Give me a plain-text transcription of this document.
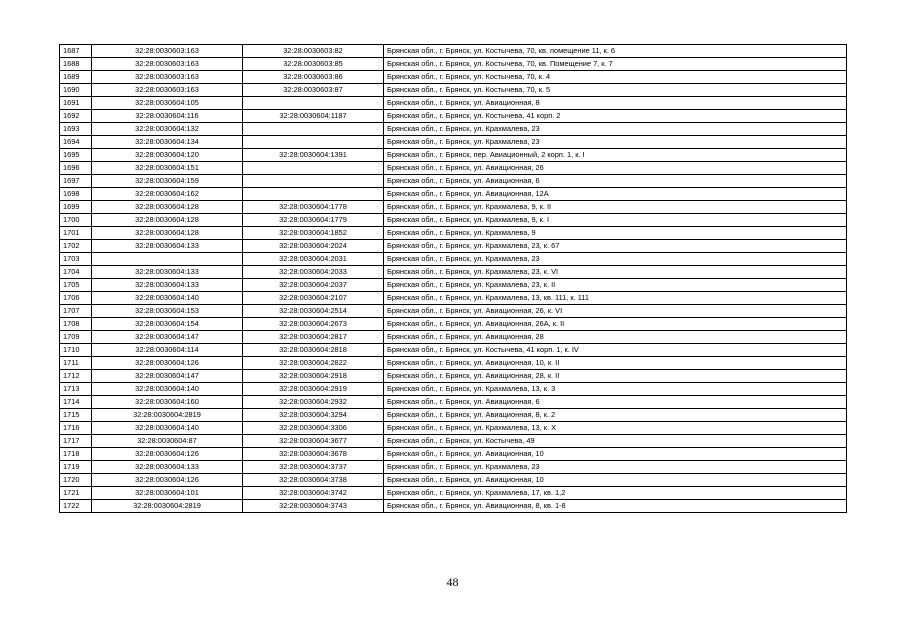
1687	32:28:0030603:163	32:28:0030603:82	Брянская обл., г. Брянск, ул. Костычева, 70, кв. помещение 11, к. 6
1688	32:28:0030603:163	32:28:0030603:85	Брянская обл., г. Брянск, ул. Костычева, 70, кв. Помещение 7, к. 7
1689	32:28:0030603:163	32:28:0030603:86	Брянская обл., г. Брянск, ул. Костычева, 70, к. 4
1690	32:28:0030603:163	32:28:0030603:87	Брянская обл., г. Брянск, ул. Костычева, 70, к. 5
1691	32:28:0030604:105		Брянская обл., г. Брянск, ул. Авиационная, 8
1692	32:28:0030604:116	32:28:0030604:1187	Брянская обл., г. Брянск, ул. Костычева, 41 корп. 2
1693	32:28:0030604:132		Брянская обл., г. Брянск, ул. Крахмалева, 23
1694	32:28:0030604:134		Брянская обл., г. Брянск, ул. Крахмалева, 23
1695	32:28:0030604:120	32:28:0030604:1391	Брянская обл., г. Брянск, пер. Авиационный, 2 корп. 1, к. I
1696	32:28:0030604:151		Брянская обл., г. Брянск, ул. Авиационная, 26
1697	32:28:0030604:159		Брянская обл., г. Брянск, ул. Авиационная, 6
1698	32:28:0030604:162		Брянская обл., г. Брянск, ул. Авиационная, 12А
1699	32:28:0030604:128	32:28:0030604:1778	Брянская обл., г. Брянск, ул. Крахмалева, 9, к. II
1700	32:28:0030604:128	32:28:0030604:1779	Брянская обл., г. Брянск, ул. Крахмалева, 9, к. I
1701	32:28:0030604:128	32:28:0030604:1852	Брянская обл., г. Брянск, ул. Крахмалева, 9
1702	32:28:0030604:133	32:28:0030604:2024	Брянская обл., г. Брянск, ул. Крахмалева, 23, к. 67
1703		32:28:0030604:2031	Брянская обл., г. Брянск, ул. Крахмалева, 23
1704	32:28:0030604:133	32:28:0030604:2033	Брянская обл., г. Брянск, ул. Крахмалева, 23, к. VI
1705	32:28:0030604:133	32:28:0030604:2037	Брянская обл., г. Брянск, ул. Крахмалева, 23, к. II
1706	32:28:0030604:140	32:28:0030604:2107	Брянская обл., г. Брянск, ул. Крахмалева, 13, кв. 111, к. 111
1707	32:28:0030604:153	32:28:0030604:2514	Брянская обл., г. Брянск, ул. Авиационная, 26, к. VI
1708	32:28:0030604:154	32:28:0030604:2673	Брянская обл., г. Брянск, ул. Авиационная, 26А, к. II
1709	32:28:0030604:147	32:28:0030604:2817	Брянская обл., г. Брянск, ул. Авиационная, 28
1710	32:28:0030604:114	32:28:0030604:2818	Брянская обл., г. Брянск, ул. Костычева, 41 корп. 1, к. IV
1711	32:28:0030604:126	32:28:0030604:2822	Брянская обл., г. Брянск, ул. Авиационная, 10, к. II
1712	32:28:0030604:147	32:28:0030604:2918	Брянская обл., г. Брянск, ул. Авиационная, 28, к. II
1713	32:28:0030604:140	32:28:0030604:2919	Брянская обл., г. Брянск, ул. Крахмалева, 13, к. 3
1714	32:28:0030604:160	32:28:0030604:2932	Брянская обл., г. Брянск, ул. Авиационная, 6
1715	32:28:0030604:2819	32:28:0030604:3294	Брянская обл., г. Брянск, ул. Авиационная, 8, к. 2
1716	32:28:0030604:140	32:28:0030604:3306	Брянская обл., г. Брянск, ул. Крахмалева, 13, к. X
1717	32:28:0030604:87	32:28:0030604:3677	Брянская обл., г. Брянск, ул. Костычева, 49
1718	32:28:0030604:126	32:28:0030604:3678	Брянская обл., г. Брянск, ул. Авиационная, 10
1719	32:28:0030604:133	32:28:0030604:3737	Брянская обл., г. Брянск, ул. Крахмалева, 23
1720	32:28:0030604:126	32:28:0030604:3738	Брянская обл., г. Брянск, ул. Авиационная, 10
1721	32:28:0030604:101	32:28:0030604:3742	Брянская обл., г. Брянск, ул. Крахмалева, 17, кв. 1,2
1722	32:28:0030604:2819	32:28:0030604:3743	Брянская обл., г. Брянск, ул. Авиационная, 8, кв. 1-8
48
